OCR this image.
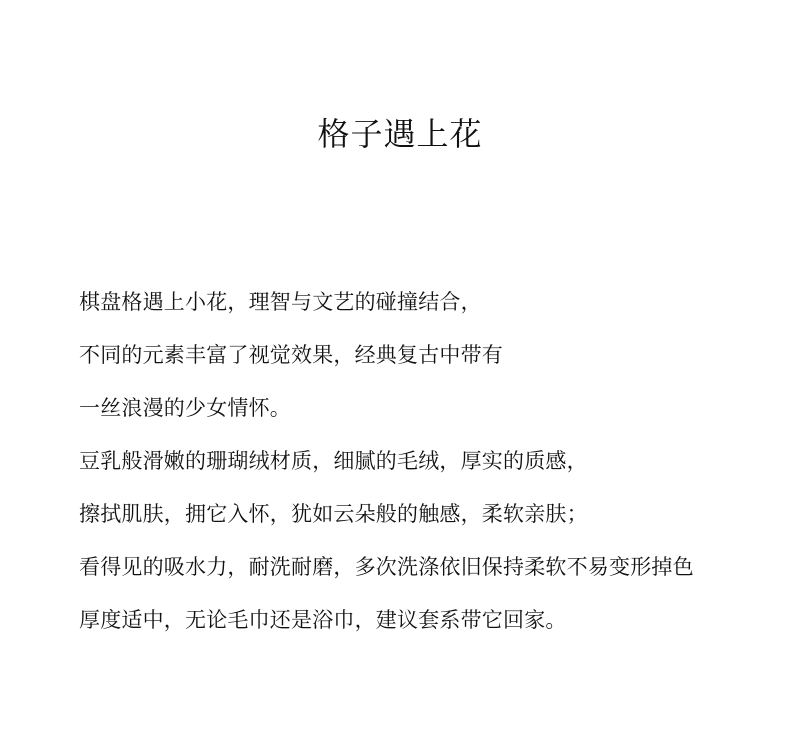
格子遇上花

棋盘格遇上小花，理智与文艺的碰撞结合，

不同的元素丰富了视觉效果，经典复古中带有

一丝浪漫的少女情怀。

豆乳般滑嫩的珊瑚绒材质，细腻的毛绒，厚实的质感，

擦拭肌肤，拥它入怀，犹如云朵般的触感，柔软亲肤；

看得见的吸水力，耐洗耐磨，多次洗涤依旧保持柔软不易变形掉色

厚度适中，无论毛巾还是浴巾，建议套系带它回家。
